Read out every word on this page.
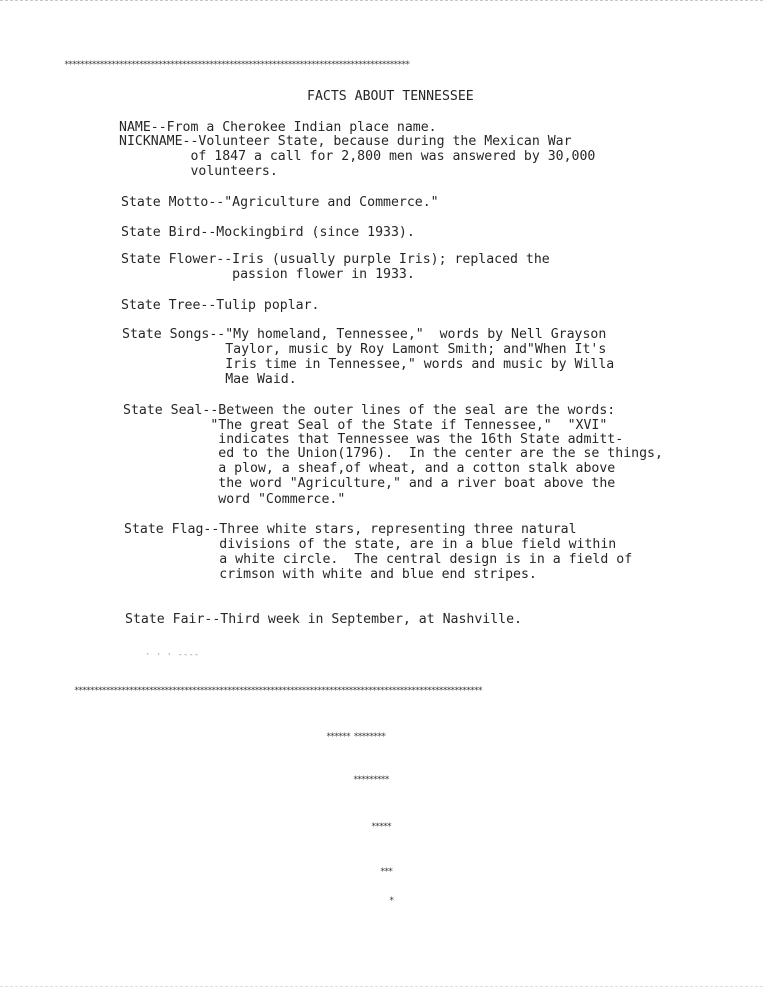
****************************************************************************************
FACTS ABOUT TENNESSEE
NAME--From a Cherokee Indian place name.
NICKNAME--Volunteer State, because during the Mexican War
of 1847 a call for 2,800 men was answered by 30,000
volunteers.
State Motto--"Agriculture and Commerce."
State Bird--Mockingbird (since 1933).
State Flower--Iris (usually purple Iris); replaced the
passion flower in 1933.
State Tree--Tulip poplar.
State Songs--"My homeland, Tennessee,"  words by Nell Grayson
Taylor, music by Roy Lamont Smith; and"When It's
Iris time in Tennessee," words and music by Willa
Mae Waid.
State Seal--Between the outer lines of the seal are the words:
"The great Seal of the State if Tennessee,"  "XVI"
indicates that Tennessee was the 16th State admitt-
ed to the Union(1796).  In the center are the se things,
a plow, a sheaf,of wheat, and a cotton stalk above
the word "Agriculture," and a river boat above the
word "Commerce."
State Flag--Three white stars, representing three natural
divisions of the state, are in a blue field within
a white circle.  The central design is in a field of
crimson with white and blue end stripes.
State Fair--Third week in September, at Nashville.
· · · ----
********************************************************************************************************
****** ********
*********
*****
***
*
